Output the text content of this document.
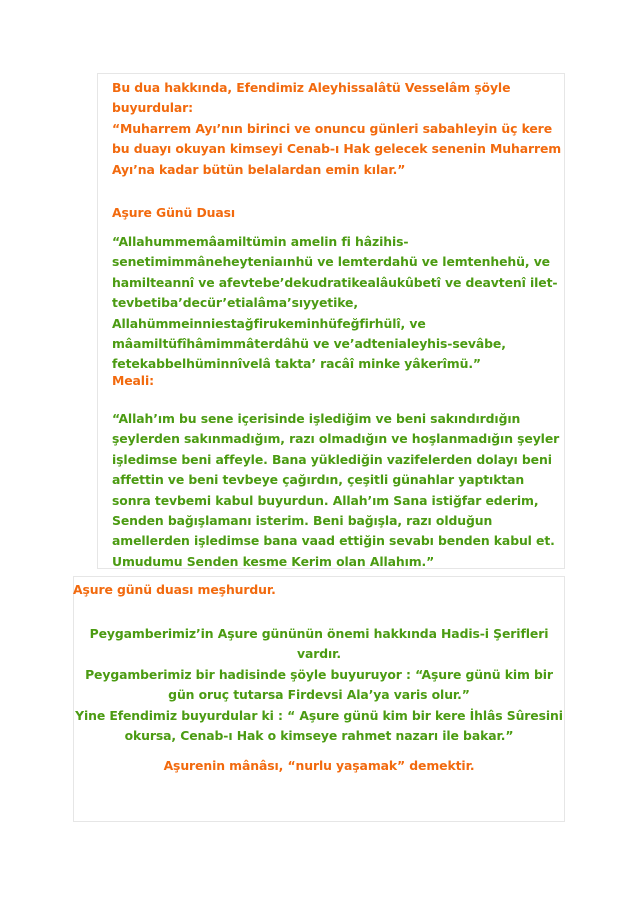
Bu dua hakkında, Efendimiz Aleyhissalâtü Vesselâm şöyle buyurdular:
“Muharrem Ayı’nın birinci ve onuncu günleri sabahleyin üç kere bu duayı okuyan kimseyi Cenab-ı Hak gelecek senenin Muharrem Ayı’na kadar bütün belalardan emin kılar.”
Aşure Günü Duası
“Allahummemâamiltümin amelin fi hâzihis-
senetimimmâneheyteniaınhü ve lemterdahü ve lemtenhehü, ve hamilteannî ve afevtebe’dekudratikealâukûbetî ve deavtenî ilet-tevbetiba’decür’etialâma’sıyyetike,
Allahümmeinniestağfirukeminhüfeğfirhülî, ve mâamiltüfîhâmimmâterdâhü ve ve’adtenialeyhis-sevâbe, fetekabbelhüminnîvelâ takta’ racâî minke yâkerîmü.”
Meali:
“Allah’ım bu sene içerisinde işlediğim ve beni sakındırdığın şeylerden sakınmadığım, razı olmadığın ve hoşlanmadığın şeyler işledimse beni affeyle. Bana yüklediğin vazifelerden dolayı beni affettin ve beni tevbeye çağırdın, çeşitli günahlar yaptıktan sonra tevbemi kabul buyurdun. Allah’ım Sana istiğfar ederim, Senden bağışlamanı isterim. Beni bağışla, razı olduğun amellerden işledimse bana vaad ettiğin sevabı benden kabul et. Umudumu Senden kesme Kerim olan Allahım.”
Aşure günü duası meşhurdur.
Peygamberimiz’in Aşure gününün önemi hakkında Hadis-i Şerifleri vardır.
Peygamberimiz bir hadisinde şöyle buyuruyor : “Aşure günü kim bir gün oruç tutarsa Firdevsi Ala’ya varis olur.”
Yine Efendimiz buyurdular ki : “ Aşure günü kim bir kere İhlâs Sûresini okursa, Cenab-ı Hak o kimseye rahmet nazarı ile bakar.”
Aşurenin mânâsı, “nurlu yaşamak” demektir.
